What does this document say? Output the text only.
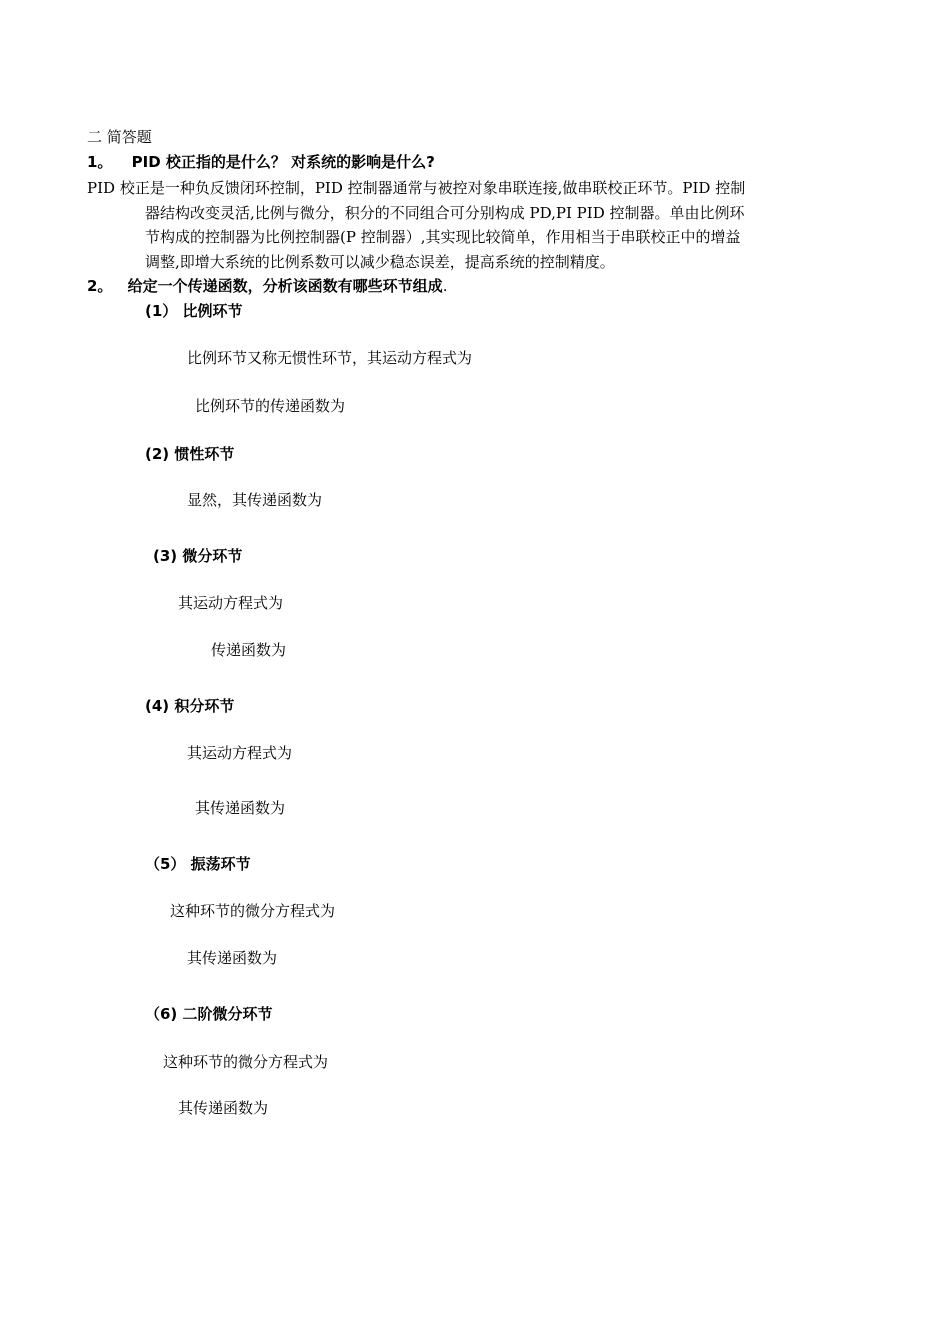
二 简答题
1。 PID 校正指的是什么？ 对系统的影响是什么?
PID 校正是一种负反馈闭环控制，PID 控制器通常与被控对象串联连接,做串联校正环节。PID 控制
器结构改变灵活,比例与微分，积分的不同组合可分别构成 PD,PI PID 控制器。单由比例环
节构成的控制器为比例控制器(P 控制器）,其实现比较简单，作用相当于串联校正中的增益
调整,即增大系统的比例系数可以减少稳态误差，提高系统的控制精度。
2。 给定一个传递函数，分析该函数有哪些环节组成.
(1） 比例环节
比例环节又称无惯性环节，其运动方程式为
比例环节的传递函数为
(2) 惯性环节
显然，其传递函数为
(3) 微分环节
其运动方程式为
传递函数为
(4) 积分环节
其运动方程式为
其传递函数为
（5） 振荡环节
这种环节的微分方程式为
其传递函数为
（6) 二阶微分环节
这种环节的微分方程式为
其传递函数为
